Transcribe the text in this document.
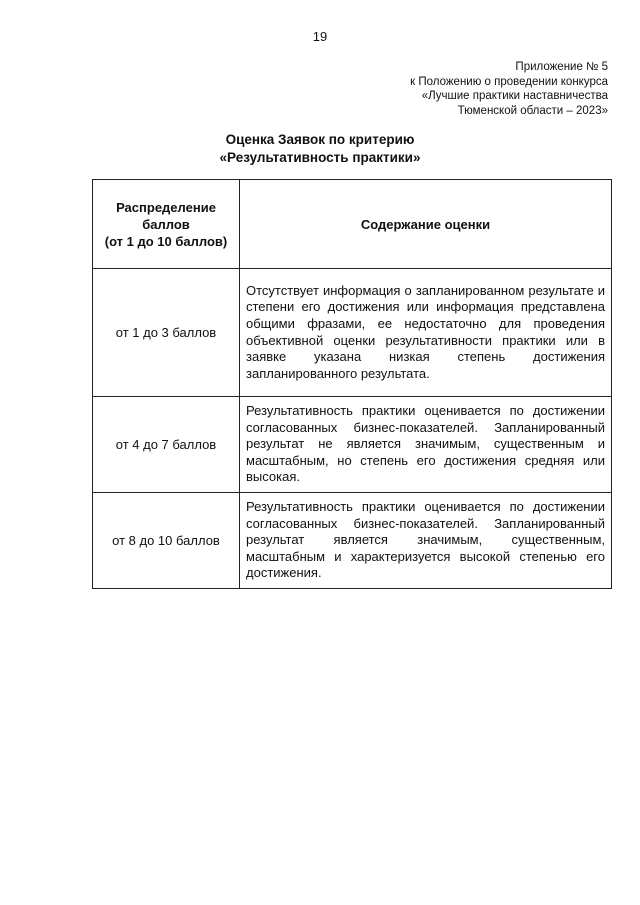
19
Приложение № 5
к Положению о проведении конкурса
«Лучшие практики наставничества
Тюменской области – 2023»
Оценка Заявок по критерию
«Результативность практики»
Распределение
баллов
(от 1 до 10 баллов)	Содержание оценки
от 1 до 3 баллов	Отсутствует информация о запланированном результате и степени его достижения или информация представлена общими фразами, ее недостаточно для проведения объективной оценки результативности практики или в заявке указана низкая степень достижения запланированного результата.
от 4 до 7 баллов	Результативность практики оценивается по достижении согласованных бизнес-показателей. Запланированный результат не является значимым, существенным и масштабным, но степень его достижения средняя или высокая.
от 8 до 10 баллов	Результативность практики оценивается по достижении согласованных бизнес-показателей. Запланированный результат является значимым, существенным, масштабным и характеризуется высокой степенью его достижения.
